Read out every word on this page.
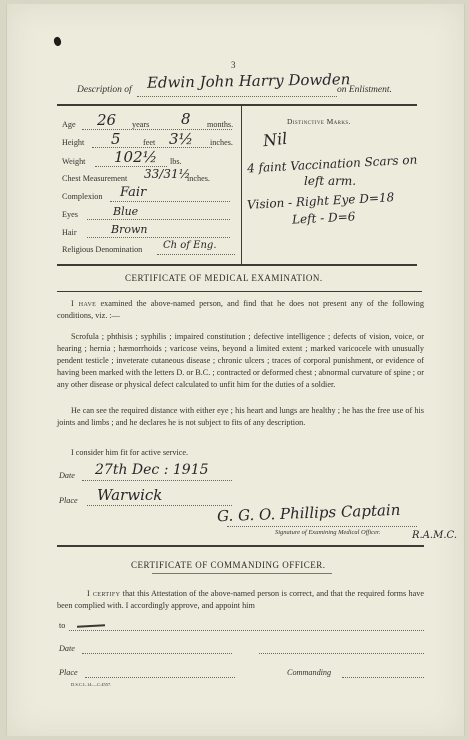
3
Description of Edwin John Harry Dowden
on Enlistment.
Age 26 years 8 months.
Height 5	feet 3½ inches.
Weight 102½ lbs.
Chest Measurement 33/31½
inches.
Complexion Fair
Eyes	Blue
Hair	Brown
Religious Denomination Ch of Eng.
Distinctive Marks.
Nil
4 faint Vaccination Scars on
left arm.
Vision - Right Eye D=18
Left - D=6
CERTIFICATE OF MEDICAL EXAMINATION.
I have examined the above-named person, and find that he does not present any of the following conditions, viz. :—
Scrofula ; phthisis ; syphilis ; impaired constitution ; defective intelligence ; defects of vision, voice, or hearing ; hernia ; hæmorrhoids ; varicose veins, beyond a limited extent ; marked varicocele with unusually pendent testicle ; inveterate cutaneous disease ; chronic ulcers ; traces of corporal punishment, or evidence of having been marked with the letters D. or B.C. ; contracted or deformed chest ; abnormal curvature of spine ; or any other disease or physical defect calculated to unfit him for the duties of a soldier.
He can see the required distance with either eye ; his heart and lungs are healthy ; he has the free use of his joints and limbs ; and he declares he is not subject to fits of any description.
I consider him fit for active service.
Date 27th Dec : 1915
Place Warwick
G. G. O. Phillips Captain
R.A.M.C.
Signature of Examining Medical Officer.
CERTIFICATE OF COMMANDING OFFICER.
I certify that this Attestation of the above-named person is correct, and that the required forms have been complied with. I accordingly approve, and appoint him
to
Date
Place	Commanding
D.S.C.L.14.—C.4557.
